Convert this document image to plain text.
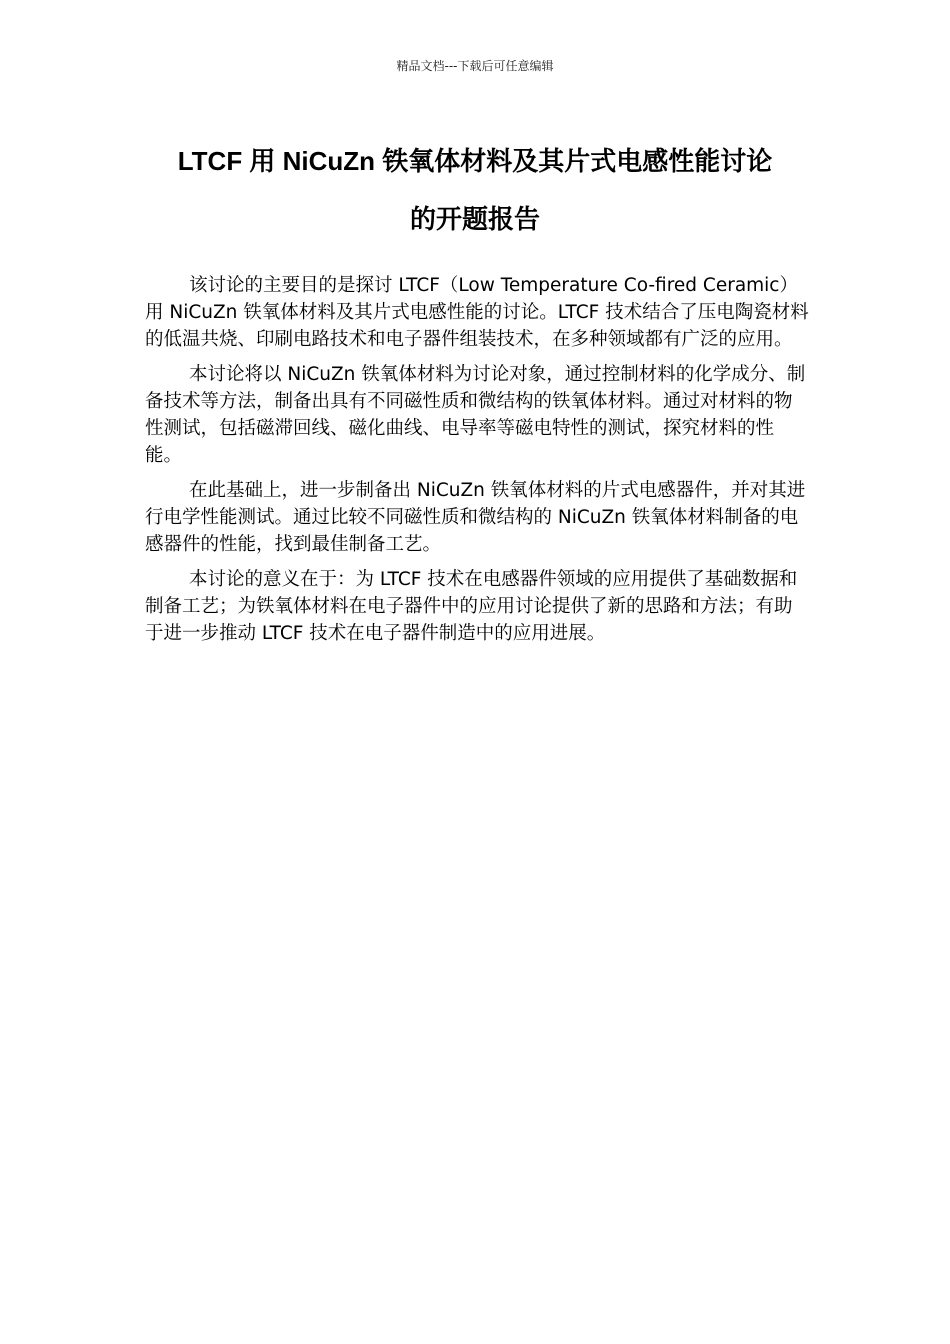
精品文档---下载后可任意编辑
LTCF 用 NiCuZn 铁氧体材料及其片式电感性能讨论
的开题报告

该讨论的主要目的是探讨 LTCF（Low Temperature Co-fired Ceramic）用 NiCuZn 铁氧体材料及其片式电感性能的讨论。LTCF 技术结合了压电陶瓷材料的低温共烧、印刷电路技术和电子器件组装技术，在多种领域都有广泛的应用。

本讨论将以 NiCuZn 铁氧体材料为讨论对象，通过控制材料的化学成分、制备技术等方法，制备出具有不同磁性质和微结构的铁氧体材料。通过对材料的物性测试，包括磁滞回线、磁化曲线、电导率等磁电特性的测试，探究材料的性能。

在此基础上，进一步制备出 NiCuZn 铁氧体材料的片式电感器件，并对其进行电学性能测试。通过比较不同磁性质和微结构的 NiCuZn 铁氧体材料制备的电感器件的性能，找到最佳制备工艺。

本讨论的意义在于：为 LTCF 技术在电感器件领域的应用提供了基础数据和制备工艺；为铁氧体材料在电子器件中的应用讨论提供了新的思路和方法；有助于进一步推动 LTCF 技术在电子器件制造中的应用进展。
